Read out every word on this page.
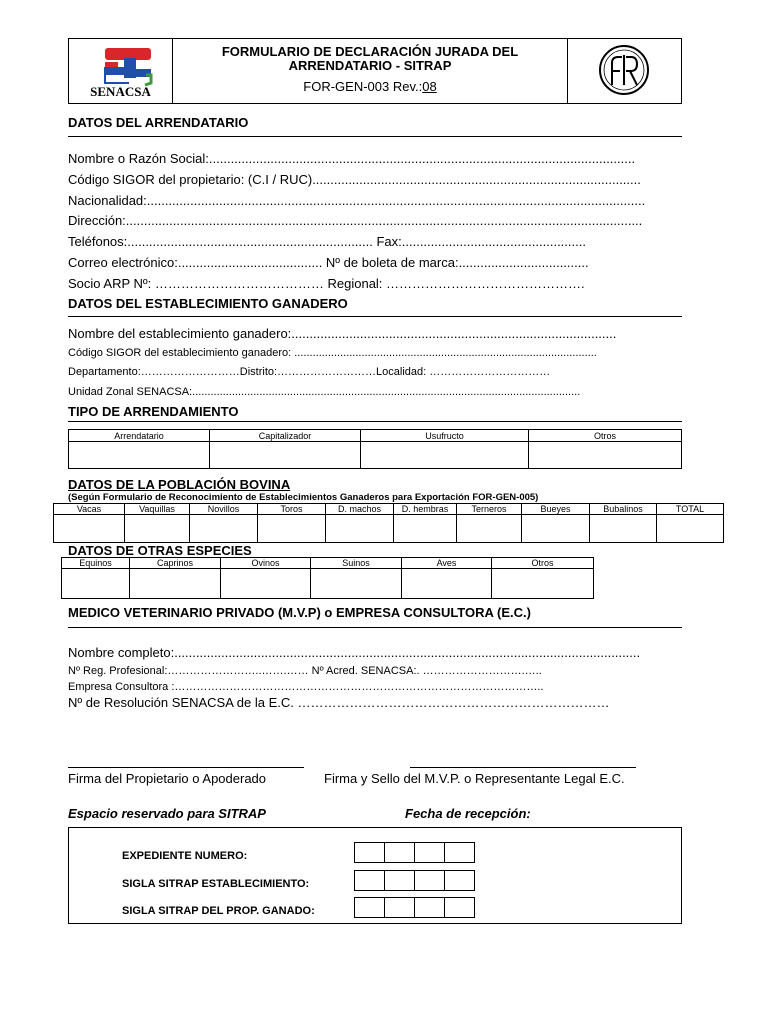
SENACSA
FORMULARIO DE DECLARACIÓN JURADA DEL
ARRENDATARIO - SITRAP
FOR-GEN-003 Rev.:08
DATOS DEL ARRENDATARIO
Nombre o Razón Social:......................................................................................................................
Código SIGOR del propietario: (C.I / RUC)...........................................................................................
Nacionalidad:..........................................................................................................................................
Dirección:...............................................................................................................................................
Teléfonos:.................................................................... Fax:...................................................
Correo electrónico:........................................ Nº de boleta de marca:....................................
Socio ARP Nº: ………………………………… Regional: ……………………………………….
DATOS DEL ESTABLECIMIENTO GANADERO
Nombre del establecimiento ganadero:..........................................................................................
Código SIGOR del establecimiento ganadero: ...................................................................................................
Departamento:………………………Distrito:………………………Localidad: ……………………………
Unidad Zonal SENACSA:...............................................................................................................................
TIPO DE ARRENDAMIENTO
Arrendatario	Capitalizador	Usufructo	Otros

DATOS DE LA POBLACIÓN BOVINA
(Según Formulario de Reconocimiento de Establecimientos Ganaderos para Exportación FOR-GEN-005)
Vacas	Vaquillas	Novillos	Toros	D. machos	D. hembras	Terneros	Bueyes	Bubalinos	TOTAL

DATOS DE OTRAS ESPECIES
Equinos	Caprinos	Ovinos	Suinos	Aves	Otros

MEDICO VETERINARIO PRIVADO (M.V.P) o EMPRESA CONSULTORA (E.C.)
Nombre completo:.................................................................................................................................
Nº Reg. Profesional:……………………..…….…… Nº Acred. SENACSA:. ……………………….…..
Empresa Consultora :………………………………………………………………………………………..
Nº de Resolución SENACSA de la E.C. ………………………………………………………………
Firma del Propietario o Apoderado	Firma y Sello del M.V.P. o Representante Legal E.C.
Espacio reservado para SITRAP	Fecha de recepción:
EXPEDIENTE NUMERO:
SIGLA SITRAP ESTABLECIMIENTO:
SIGLA SITRAP DEL PROP. GANADO:
